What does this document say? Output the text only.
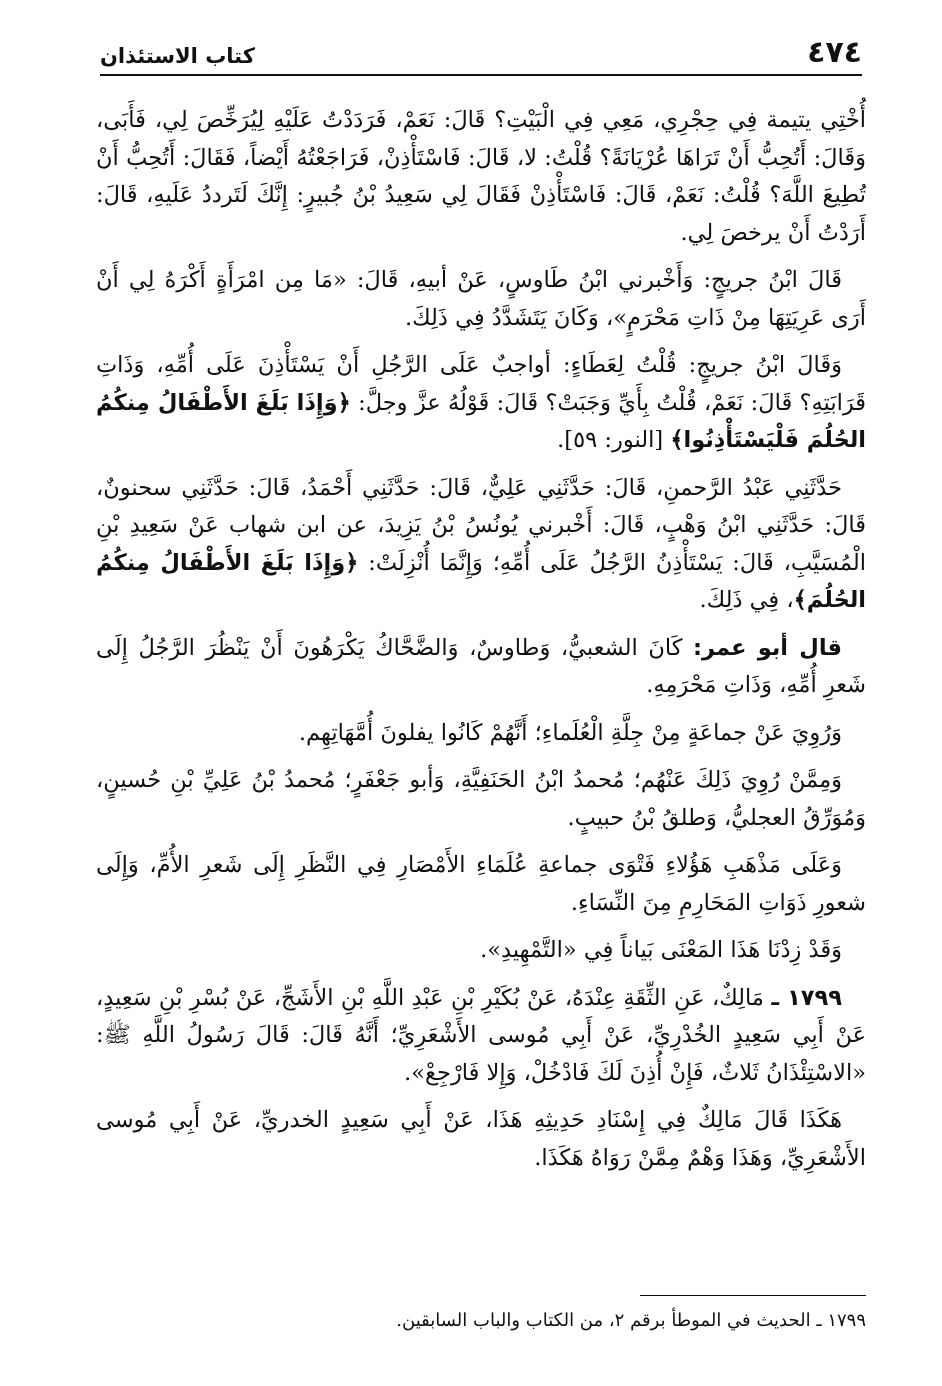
٤٧٤
كتاب الاستئذان

أُخْتِي يتيمة فِي حِجْرِي، مَعِي فِي الْبَيْتِ؟ قَالَ: نَعَمْ، فَرَدَدْتُ عَلَيْهِ لِيُرَخِّصَ لِي، فَأَبَى، وَقَالَ: أَتُحِبُّ أَنْ تَرَاهَا عُرْيَانَةً؟ قُلْتُ: لا، قَالَ: فَاسْتَأْذِنْ، فَرَاجَعْتُهُ أَيْضاً، فَقَالَ: أَتُحِبُّ أَنْ تُطِيعَ اللَّهَ؟ قُلْتُ: نَعَمْ، قَالَ: فَاسْتَأْذِنْ فَقَالَ لِي سَعِيدُ بْنُ جُبيرٍ: إِنَّكَ لَتَرددُ عَلَيهِ، قَالَ: أَرَدْتُ أَنْ يرخصَ لِي.

قَالَ ابْنُ جريجٍ: وَأَخْبرني ابْنُ طَاوسٍ، عَنْ أبيهِ، قَالَ: «مَا مِن امْرَأَةٍ أَكْرَهُ لِي أَنْ أَرَى عَرِيَتِهَا مِنْ ذَاتِ مَحْرَمٍ»، وَكَانَ يَتَشَدَّدُ فِي ذَلِكَ.

وَقَالَ ابْنُ جريجٍ: قُلْتُ لِعَطَاءٍ: أواجبٌ عَلَى الرَّجُلِ أَنْ يَسْتَأْذِنَ عَلَى أُمِّهِ، وَذَاتِ قَرَابَتِهِ؟ قَالَ: نَعَمْ، قُلْتُ بِأَيِّ وَجَبَتْ؟ قَالَ: قَوْلُهُ عزَّ وجلَّ: ﴿وَإِذَا بَلَغَ الأَطْفَالُ مِنكُمُ الحُلُمَ فَلْيَسْتَأْذِنُوا﴾ [النور: ٥٩].

حَدَّثَنِي عَبْدُ الرَّحمنِ، قَالَ: حَدَّثَنِي عَلِيٌّ، قَالَ: حَدَّثَنِي أَحْمَدُ، قَالَ: حَدَّثَنِي سحنونٌ، قَالَ: حَدَّثَنِي ابْنُ وَهْبٍ، قَالَ: أَخْبرني يُونُسُ بْنُ يَزِيدَ، عن ابن شهاب عَنْ سَعِيدِ بْنِ الْمُسَيَّبِ، قَالَ: يَسْتَأْذِنُ الرَّجُلُ عَلَى أُمِّهِ؛ وَإِنَّمَا أُنْزِلَتْ: ﴿وَإِذَا بَلَغَ الأَطْفَالُ مِنكُمُ الحُلُمَ﴾، فِي ذَلِكَ.

قال أبو عمر: كَانَ الشعبيُّ، وَطاوسٌ، وَالضَّحَّاكُ يَكْرَهُونَ أَنْ يَنْظُرَ الرَّجُلُ إِلَى شَعرِ أُمِّهِ، وَذَاتِ مَحْرَمِهِ.

وَرُوِيَ عَنْ جماعَةٍ مِنْ جِلَّةِ الْعُلَماءِ؛ أَنَّهُمْ كَانُوا يفلونَ أُمَّهَاتِهِم.

وَمِمَّنْ رُوِيَ ذَلِكَ عَنْهُم؛ مُحمدُ ابْنُ الحَنَفِيَّةِ، وَأبو جَعْفَرٍ؛ مُحمدُ بْنُ عَلِيِّ بْنِ حُسينٍ، وَمُوَرِّقُ العجليُّ، وَطلقُ بْنُ حبيبٍ.

وَعَلَى مَذْهَبِ هَؤُلاءِ فَتْوَى جماعةِ عُلَمَاءِ الأَمْصَارِ فِي النَّظَرِ إِلَى شَعرِ الأُمِّ، وَإِلَى شعورِ ذَوَاتِ المَحَارِمِ مِنَ النِّسَاءِ.

وَقَدْ زِدْنَا هَذَا المَعْنَى بَياناً فِي «التَّمْهِيدِ».

١٧٩٩ ـ مَالِكٌ، عَنِ الثِّقَةِ عِنْدَهُ، عَنْ بُكَيْرِ بْنِ عَبْدِ اللَّهِ بْنِ الأَشَجِّ، عَنْ بُسْرِ بْنِ سَعِيدٍ، عَنْ أَبِي سَعِيدٍ الخُدْرِيِّ، عَنْ أَبِي مُوسى الأَشْعَرِيِّ؛ أَنَّهُ قَالَ: قَالَ رَسُولُ اللَّهِ ﷺ: «الاسْتِئْذَانُ ثَلاثٌ، فَإِنْ أُذِنَ لَكَ فَادْخُلْ، وَإِلا فَارْجِعْ».

هَكَذَا قَالَ مَالِكٌ فِي إِسْنَادِ حَدِيثِهِ هَذَا، عَنْ أَبِي سَعِيدٍ الخدريِّ، عَنْ أَبِي مُوسى الأَشْعَرِيِّ، وَهَذَا وَهْمٌ مِمَّنْ رَوَاهُ هَكَذَا.

١٧٩٩ ـ الحديث في الموطأ برقم ٢، من الكتاب والباب السابقين.
